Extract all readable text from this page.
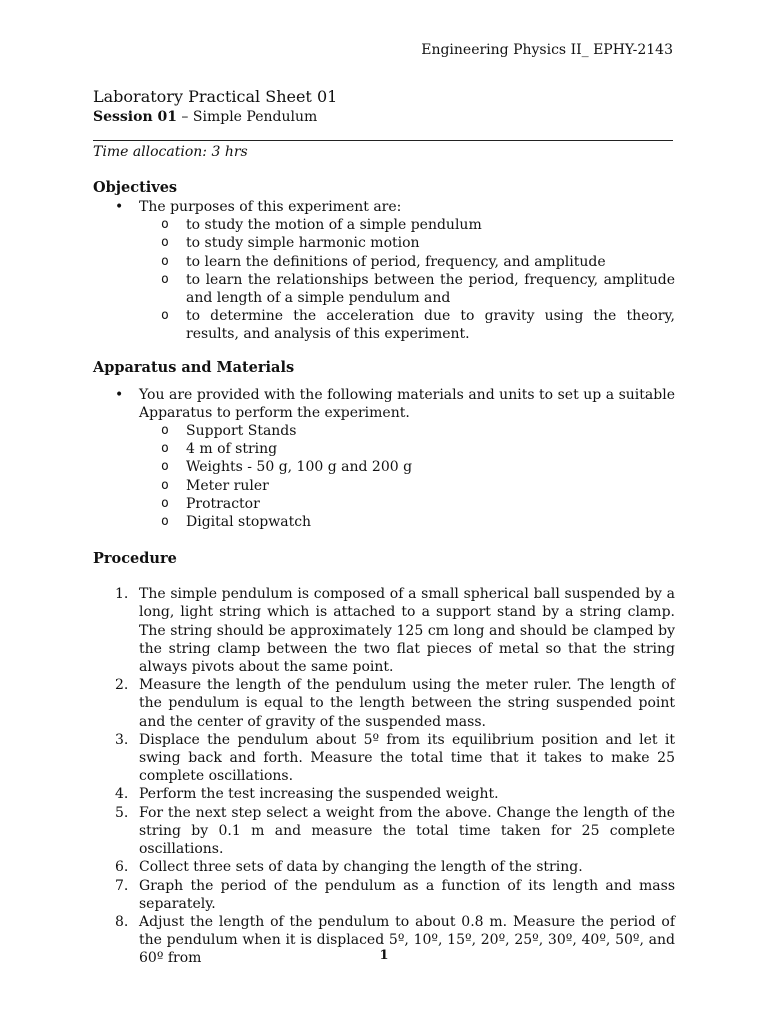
Engineering Physics II_ EPHY-2143

Laboratory Practical Sheet 01

Session 01 – Simple Pendulum

Time allocation: 3 hrs
Objectives
• The purposes of this experiment are:
o to study the motion of a simple pendulum
o to study simple harmonic motion
o to learn the definitions of period, frequency, and amplitude
o to learn the relationships between the period, frequency, amplitude and length of a simple pendulum and
o to determine the acceleration due to gravity using the theory, results, and analysis of this experiment.
Apparatus and Materials
• You are provided with the following materials and units to set up a suitable Apparatus to perform the experiment.
o Support Stands
o 4 m of string
o Weights - 50 g, 100 g and 200 g
o Meter ruler
o Protractor
o Digital stopwatch
Procedure
1. The simple pendulum is composed of a small spherical ball suspended by a long, light string which is attached to a support stand by a string clamp. The string should be approximately 125 cm long and should be clamped by the string clamp between the two flat pieces of metal so that the string always pivots about the same point.
2. Measure the length of the pendulum using the meter ruler. The length of the pendulum is equal to the length between the string suspended point and the center of gravity of the suspended mass.
3. Displace the pendulum about 5º from its equilibrium position and let it swing back and forth. Measure the total time that it takes to make 25 complete oscillations.
4. Perform the test increasing the suspended weight.
5. For the next step select a weight from the above. Change the length of the string by 0.1 m and measure the total time taken for 25 complete oscillations.
6. Collect three sets of data by changing the length of the string.
7. Graph the period of the pendulum as a function of its length and mass separately.
8. Adjust the length of the pendulum to about 0.8 m. Measure the period of the pendulum when it is displaced 5º, 10º, 15º, 20º, 25º, 30º, 40º, 50º, and 60º from	1
